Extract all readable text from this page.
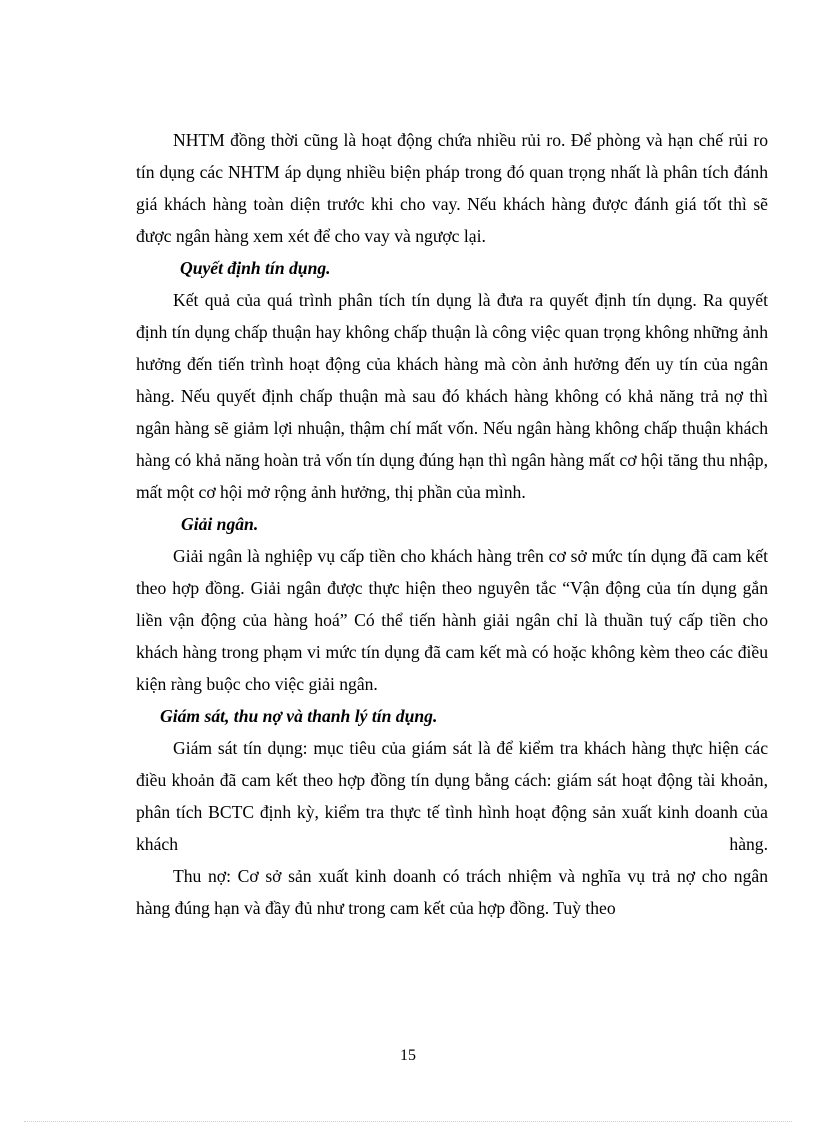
NHTM đồng thời cũng là hoạt động chứa nhiều rủi ro. Để phòng và hạn chế rủi ro tín dụng các NHTM áp dụng nhiều biện pháp trong đó quan trọng nhất là phân tích đánh giá khách hàng toàn diện trước khi cho vay. Nếu khách hàng được đánh giá tốt thì sẽ được ngân hàng xem xét để cho vay và ngược lại.

Quyết định tín dụng.

Kết quả của quá trình phân tích tín dụng là đưa ra quyết định tín dụng. Ra quyết định tín dụng chấp thuận hay không chấp thuận là công việc quan trọng không những ảnh hưởng đến tiến trình hoạt động của khách hàng mà còn ảnh hưởng đến uy tín của ngân hàng. Nếu quyết định chấp thuận mà sau đó khách hàng không có khả năng trả nợ thì ngân hàng sẽ giảm lợi nhuận, thậm chí mất vốn. Nếu ngân hàng không chấp thuận khách hàng có khả năng hoàn trả vốn tín dụng đúng hạn thì ngân hàng mất cơ hội tăng thu nhập, mất một cơ hội mở rộng ảnh hưởng, thị phần của mình.

Giải ngân.

Giải ngân là nghiệp vụ cấp tiền cho khách hàng trên cơ sở mức tín dụng đã cam kết theo hợp đồng. Giải ngân được thực hiện theo nguyên tắc “Vận động của tín dụng gắn liền vận động của hàng hoá” Có thể tiến hành giải ngân chỉ là thuần tuý cấp tiền cho khách hàng trong phạm vi mức tín dụng đã cam kết mà có hoặc không kèm theo các điều kiện ràng buộc cho việc giải ngân.

Giám sát, thu nợ và thanh lý tín dụng.

Giám sát tín dụng: mục tiêu của giám sát là để kiểm tra khách hàng thực hiện các điều khoản đã cam kết theo hợp đồng tín dụng bằng cách: giám sát hoạt động tài khoản, phân tích BCTC định kỳ, kiểm tra thực tế tình hình hoạt động sản xuất kinh doanh của khách hàng.

Thu nợ: Cơ sở sản xuất kinh doanh có trách nhiệm và nghĩa vụ trả nợ cho ngân hàng đúng hạn và đầy đủ như trong cam kết của hợp đồng. Tuỳ theo

15
